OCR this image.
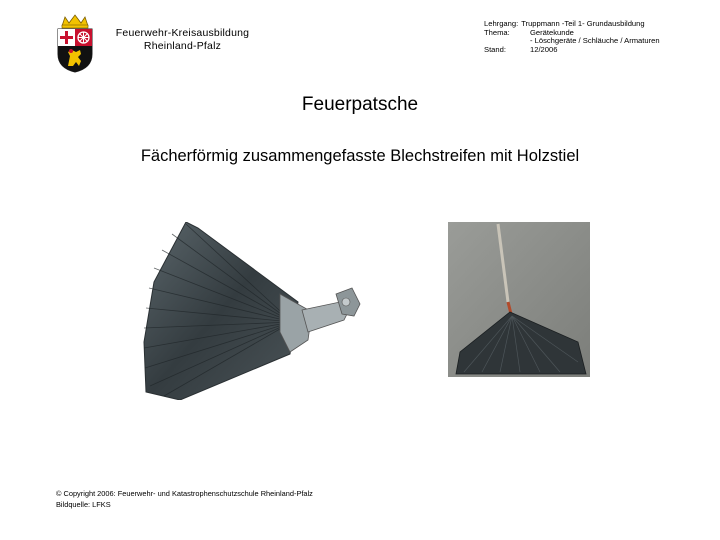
Feuerwehr-Kreisausbildung
Rheinland-Pfalz
Lehrgang: Truppmann -Teil 1- Grundausbildung
Thema:	Gerätekunde
- Löschgeräte / Schläuche / Armaturen
Stand:	12/2006
Feuerpatsche
Fächerförmig zusammengefasste Blechstreifen mit Holzstiel
© Copyright 2006: Feuerwehr- und Katastrophenschutzschule Rheinland-Pfalz
Bildquelle: LFKS
